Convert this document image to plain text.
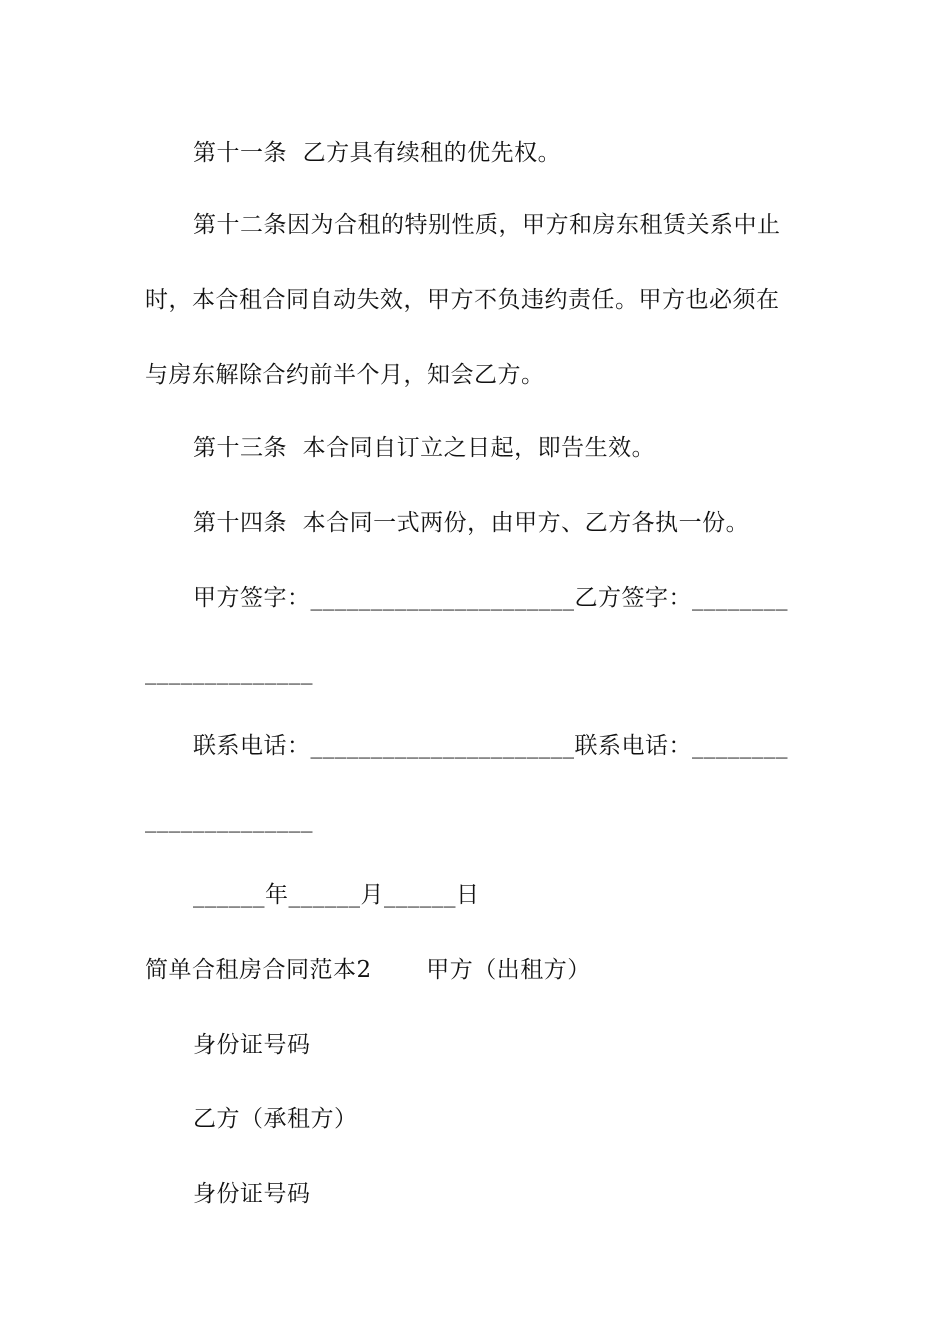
第十一条  乙方具有续租的优先权。
第十二条因为合租的特别性质，甲方和房东租赁关系中止
时，本合租合同自动失效，甲方不负违约责任。甲方也必须在
与房东解除合约前半个月，知会乙方。
第十三条  本合同自订立之日起，即告生效。
第十四条  本合同一式两份，由甲方、乙方各执一份。
甲方签字：______________________乙方签字：________
______________
联系电话：______________________联系电话：________
______________
______年______月______日
简单合租房合同范本2       甲方（出租方）
身份证号码
乙方（承租方）
身份证号码
